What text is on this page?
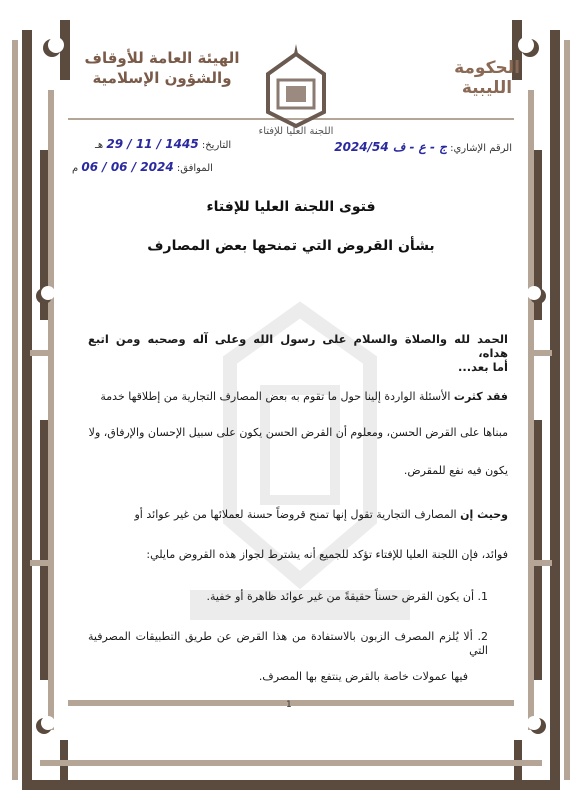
الحكومة الليبية
الهيئة العامة للأوقاف
والشؤون الإسلامية
اللجنة العليا للإفتاء
الرقم الإشاري: ج - ع - ف 2024/54
التاريخ: 29 / 11 / 1445 هـ
الموافق: 06 / 06 / 2024 م
فتوى اللجنة العليا للإفتاء
بشأن القروض التي تمنحها بعض المصارف

الحمد لله والصلاة والسلام على رسول الله وعلى آله وصحبه ومن اتبع هداه،

أما بعد...

فقد كثرت الأسئلة الواردة إلينا حول ما تقوم به بعض المصارف التجارية من إطلاقها خدمة

مبناها على القرض الحسن، ومعلوم أن القرض الحسن يكون على سبيل الإحسان والإرفاق، ولا

يكون فيه نفع للمقرض.

وحيث إن المصارف التجارية تقول إنها تمنح قروضاً حسنة لعملائها من غير عوائد أو

فوائد، فإن اللجنة العليا للإفتاء تؤكد للجميع أنه يشترط لجواز هذه القروض مايلي:

1. أن يكون القرض حسناً حقيقةً من غير عوائد ظاهرة أو خفية.

2. ألا يُلزم المصرف الزبون بالاستفادة من هذا القرض عن طريق التطبيقات المصرفية التي

فيها عمولات خاصة بالقرض ينتفع بها المصرف.

1
